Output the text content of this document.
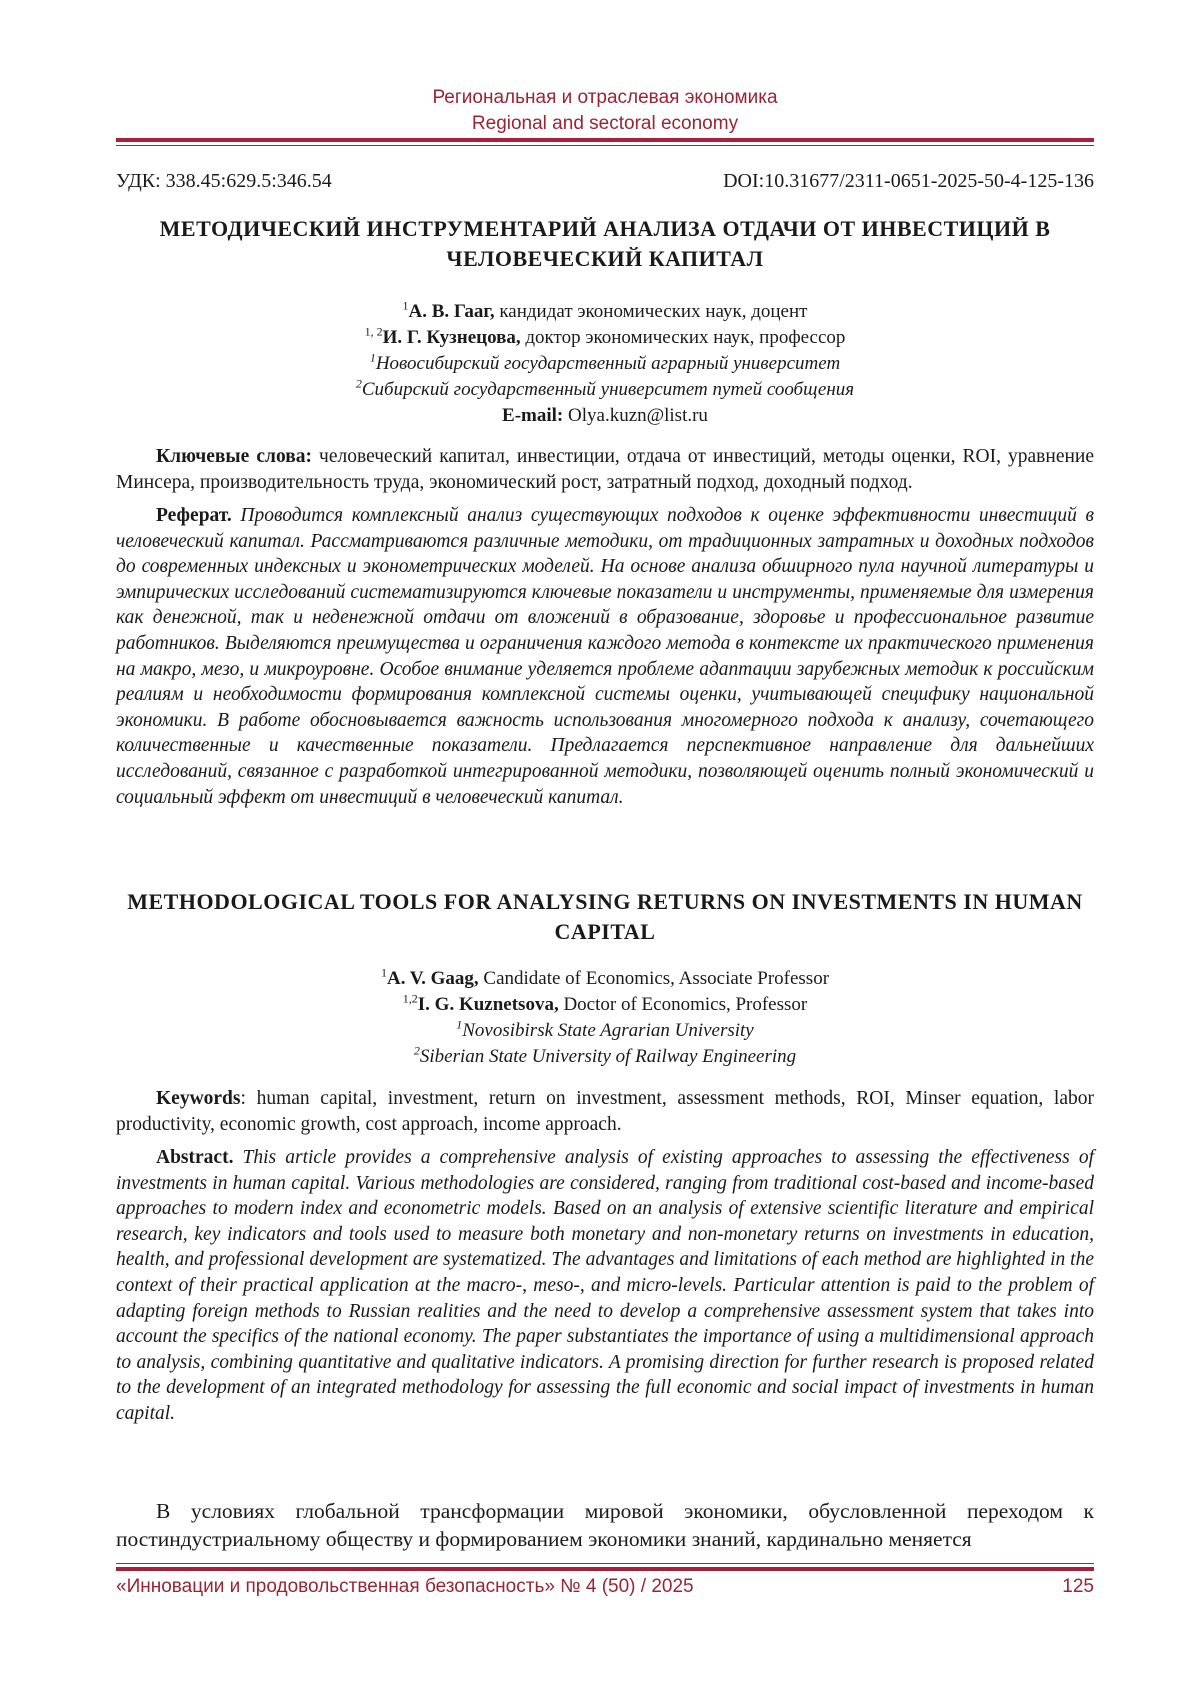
Региональная и отраслевая экономика
Regional and sectoral economy
УДК: 338.45:629.5:346.54	DOI:10.31677/2311-0651-2025-50-4-125-136
МЕТОДИЧЕСКИЙ ИНСТРУМЕНТАРИЙ АНАЛИЗА ОТДАЧИ ОТ ИНВЕСТИЦИЙ В ЧЕЛОВЕЧЕСКИЙ КАПИТАЛ
$^1$А. В. Гааг, кандидат экономических наук, доцент
$^{1, 2}$И. Г. Кузнецова, доктор экономических наук, профессор
$^1$Новосибирский государственный аграрный университет
$^2$Сибирский государственный университет путей сообщения
E-mail: Olya.kuzn@list.ru

Ключевые слова: человеческий капитал, инвестиции, отдача от инвестиций, методы оценки, ROI, уравнение Минсера, производительность труда, экономический рост, затратный подход, доходный подход.

Реферат. Проводится комплексный анализ существующих подходов к оценке эффективности инвестиций в человеческий капитал. Рассматриваются различные методики, от традиционных затратных и доходных подходов до современных индексных и эконометрических моделей. На основе анализа обширного пула научной литературы и эмпирических исследований систематизируются ключевые показатели и инструменты, применяемые для измерения как денежной, так и неденежной отдачи от вложений в образование, здоровье и профессиональное развитие работников. Выделяются преимущества и ограничения каждого метода в контексте их практического применения на макро, мезо, и микроуровне. Особое внимание уделяется проблеме адаптации зарубежных методик к российским реалиям и необходимости формирования комплексной системы оценки, учитывающей специфику национальной экономики. В работе обосновывается важность использования многомерного подхода к анализу, сочетающего количественные и качественные показатели. Предлагается перспективное направление для дальнейших исследований, связанное с разработкой интегрированной методики, позволяющей оценить полный экономический и социальный эффект от инвестиций в человеческий капитал.

METHODOLOGICAL TOOLS FOR ANALYSING RETURNS ON INVESTMENTS IN HUMAN CAPITAL
$^1$A. V. Gaag, Candidate of Economics, Associate Professor
$^{1,2}$I. G. Kuznetsova, Doctor of Economics, Professor
$^1$Novosibirsk State Agrarian University
$^2$Siberian State University of Railway Engineering

Keywords: human capital, investment, return on investment, assessment methods, ROI, Minser equation, labor productivity, economic growth, cost approach, income approach.

Abstract. This article provides a comprehensive analysis of existing approaches to assessing the effectiveness of investments in human capital. Various methodologies are considered, ranging from traditional cost-based and income-based approaches to modern index and econometric models. Based on an analysis of extensive scientific literature and empirical research, key indicators and tools used to measure both monetary and non-monetary returns on investments in education, health, and professional development are systematized. The advantages and limitations of each method are highlighted in the context of their practical application at the macro-, meso-, and micro-levels. Particular attention is paid to the problem of adapting foreign methods to Russian realities and the need to develop a comprehensive assessment system that takes into account the specifics of the national economy. The paper substantiates the importance of using a multidimensional approach to analysis, combining quantitative and qualitative indicators. A promising direction for further research is proposed related to the development of an integrated methodology for assessing the full economic and social impact of investments in human capital.

В условиях глобальной трансформации мировой экономики, обусловленной переходом к постиндустриальному обществу и формированием экономики знаний, кардинально меняется

«Инновации и продовольственная безопасность» № 4 (50) / 2025	125
